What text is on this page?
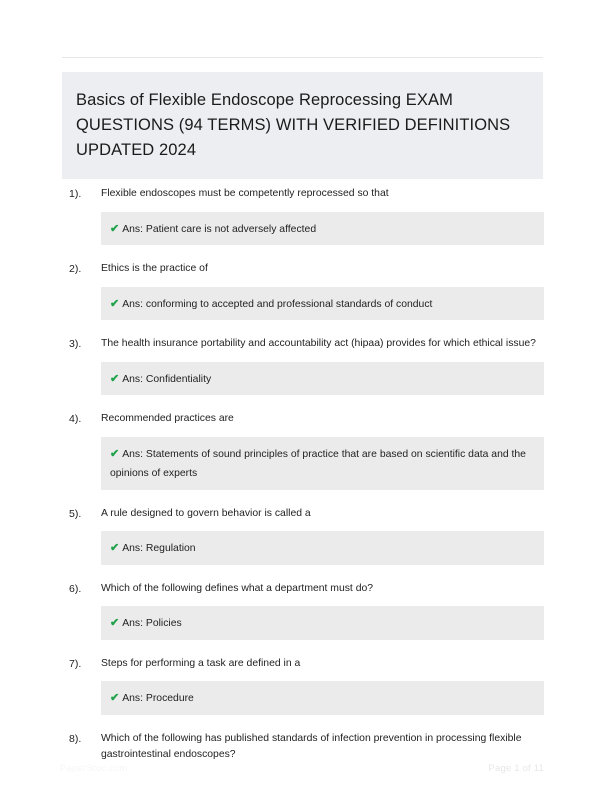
Basics of Flexible Endoscope Reprocessing EXAM QUESTIONS (94 TERMS) WITH VERIFIED DEFINITIONS UPDATED 2024
1).	Flexible endoscopes must be competently reprocessed so that
✔ Ans: Patient care is not adversely affected
2).	Ethics is the practice of
✔ Ans: conforming to accepted and professional standards of conduct
3).	The health insurance portability and accountability act (hipaa) provides for which ethical issue?
✔ Ans: Confidentiality
4).	Recommended practices are
✔ Ans: Statements of sound principles of practice that are based on scientific data and the opinions of experts
5).	A rule designed to govern behavior is called a
✔ Ans: Regulation
6).	Which of the following defines what a department must do?
✔ Ans: Policies
7).	Steps for performing a task are defined in a
✔ Ans: Procedure
8).	Which of the following has published standards of infection prevention in processing flexible gastrointestinal endoscopes?
PaperStoc.com	Page 1 of 11
